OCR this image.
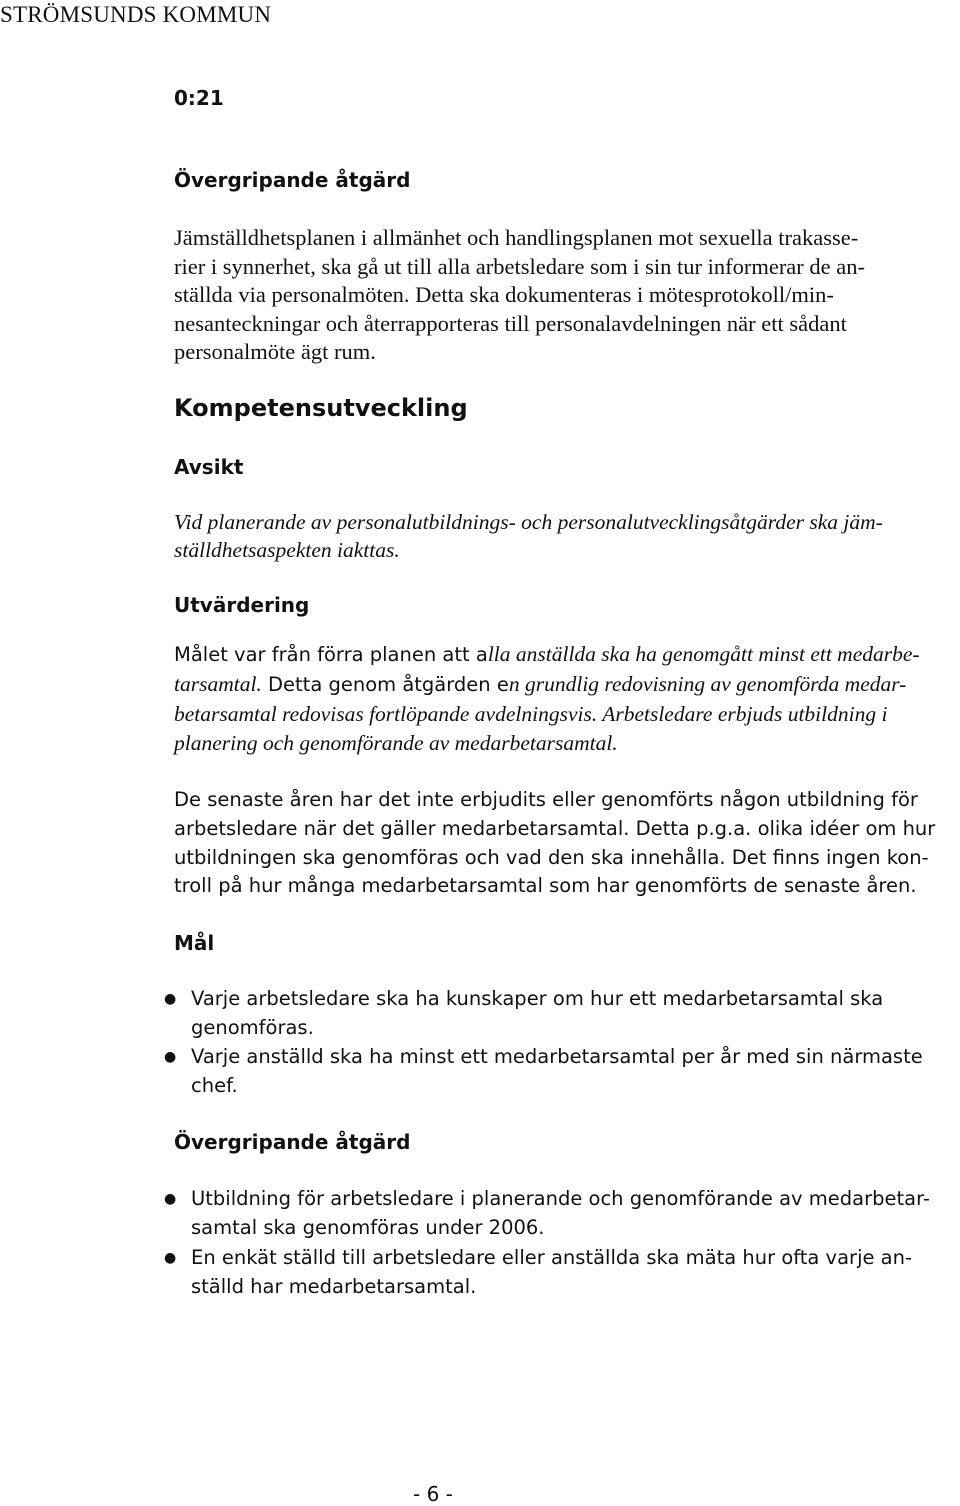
STRÖMSUNDS KOMMUN
0:21
Övergripande åtgärd
Jämställdhetsplanen i allmänhet och handlingsplanen mot sexuella trakasse-
rier i synnerhet, ska gå ut till alla arbetsledare som i sin tur informerar de an-
ställda via personalmöten. Detta ska dokumenteras i mötesprotokoll/min-
nesanteckningar och återrapporteras till personalavdelningen när ett sådant
personalmöte ägt rum.
Kompetensutveckling
Avsikt
Vid planerande av personalutbildnings- och personalutvecklingsåtgärder ska jäm-
ställdhetsaspekten iakttas.
Utvärdering
Målet var från förra planen att alla anställda ska ha genomgått minst ett medarbe-
tarsamtal. Detta genom åtgärden en grundlig redovisning av genomförda medar-
betarsamtal redovisas fortlöpande avdelningsvis. Arbetsledare erbjuds utbildning i
planering och genomförande av medarbetarsamtal.
De senaste åren har det inte erbjudits eller genomförts någon utbildning för
arbetsledare när det gäller medarbetarsamtal. Detta p.g.a. olika idéer om hur
utbildningen ska genomföras och vad den ska innehålla. Det finns ingen kon-
troll på hur många medarbetarsamtal som har genomförts de senaste åren.
Mål
● Varje arbetsledare ska ha kunskaper om hur ett medarbetarsamtal ska
genomföras.
● Varje anställd ska ha minst ett medarbetarsamtal per år med sin närmaste
chef.
Övergripande åtgärd
● Utbildning för arbetsledare i planerande och genomförande av medarbetar-
samtal ska genomföras under 2006.
● En enkät ställd till arbetsledare eller anställda ska mäta hur ofta varje an-
ställd har medarbetarsamtal.
- 6 -
